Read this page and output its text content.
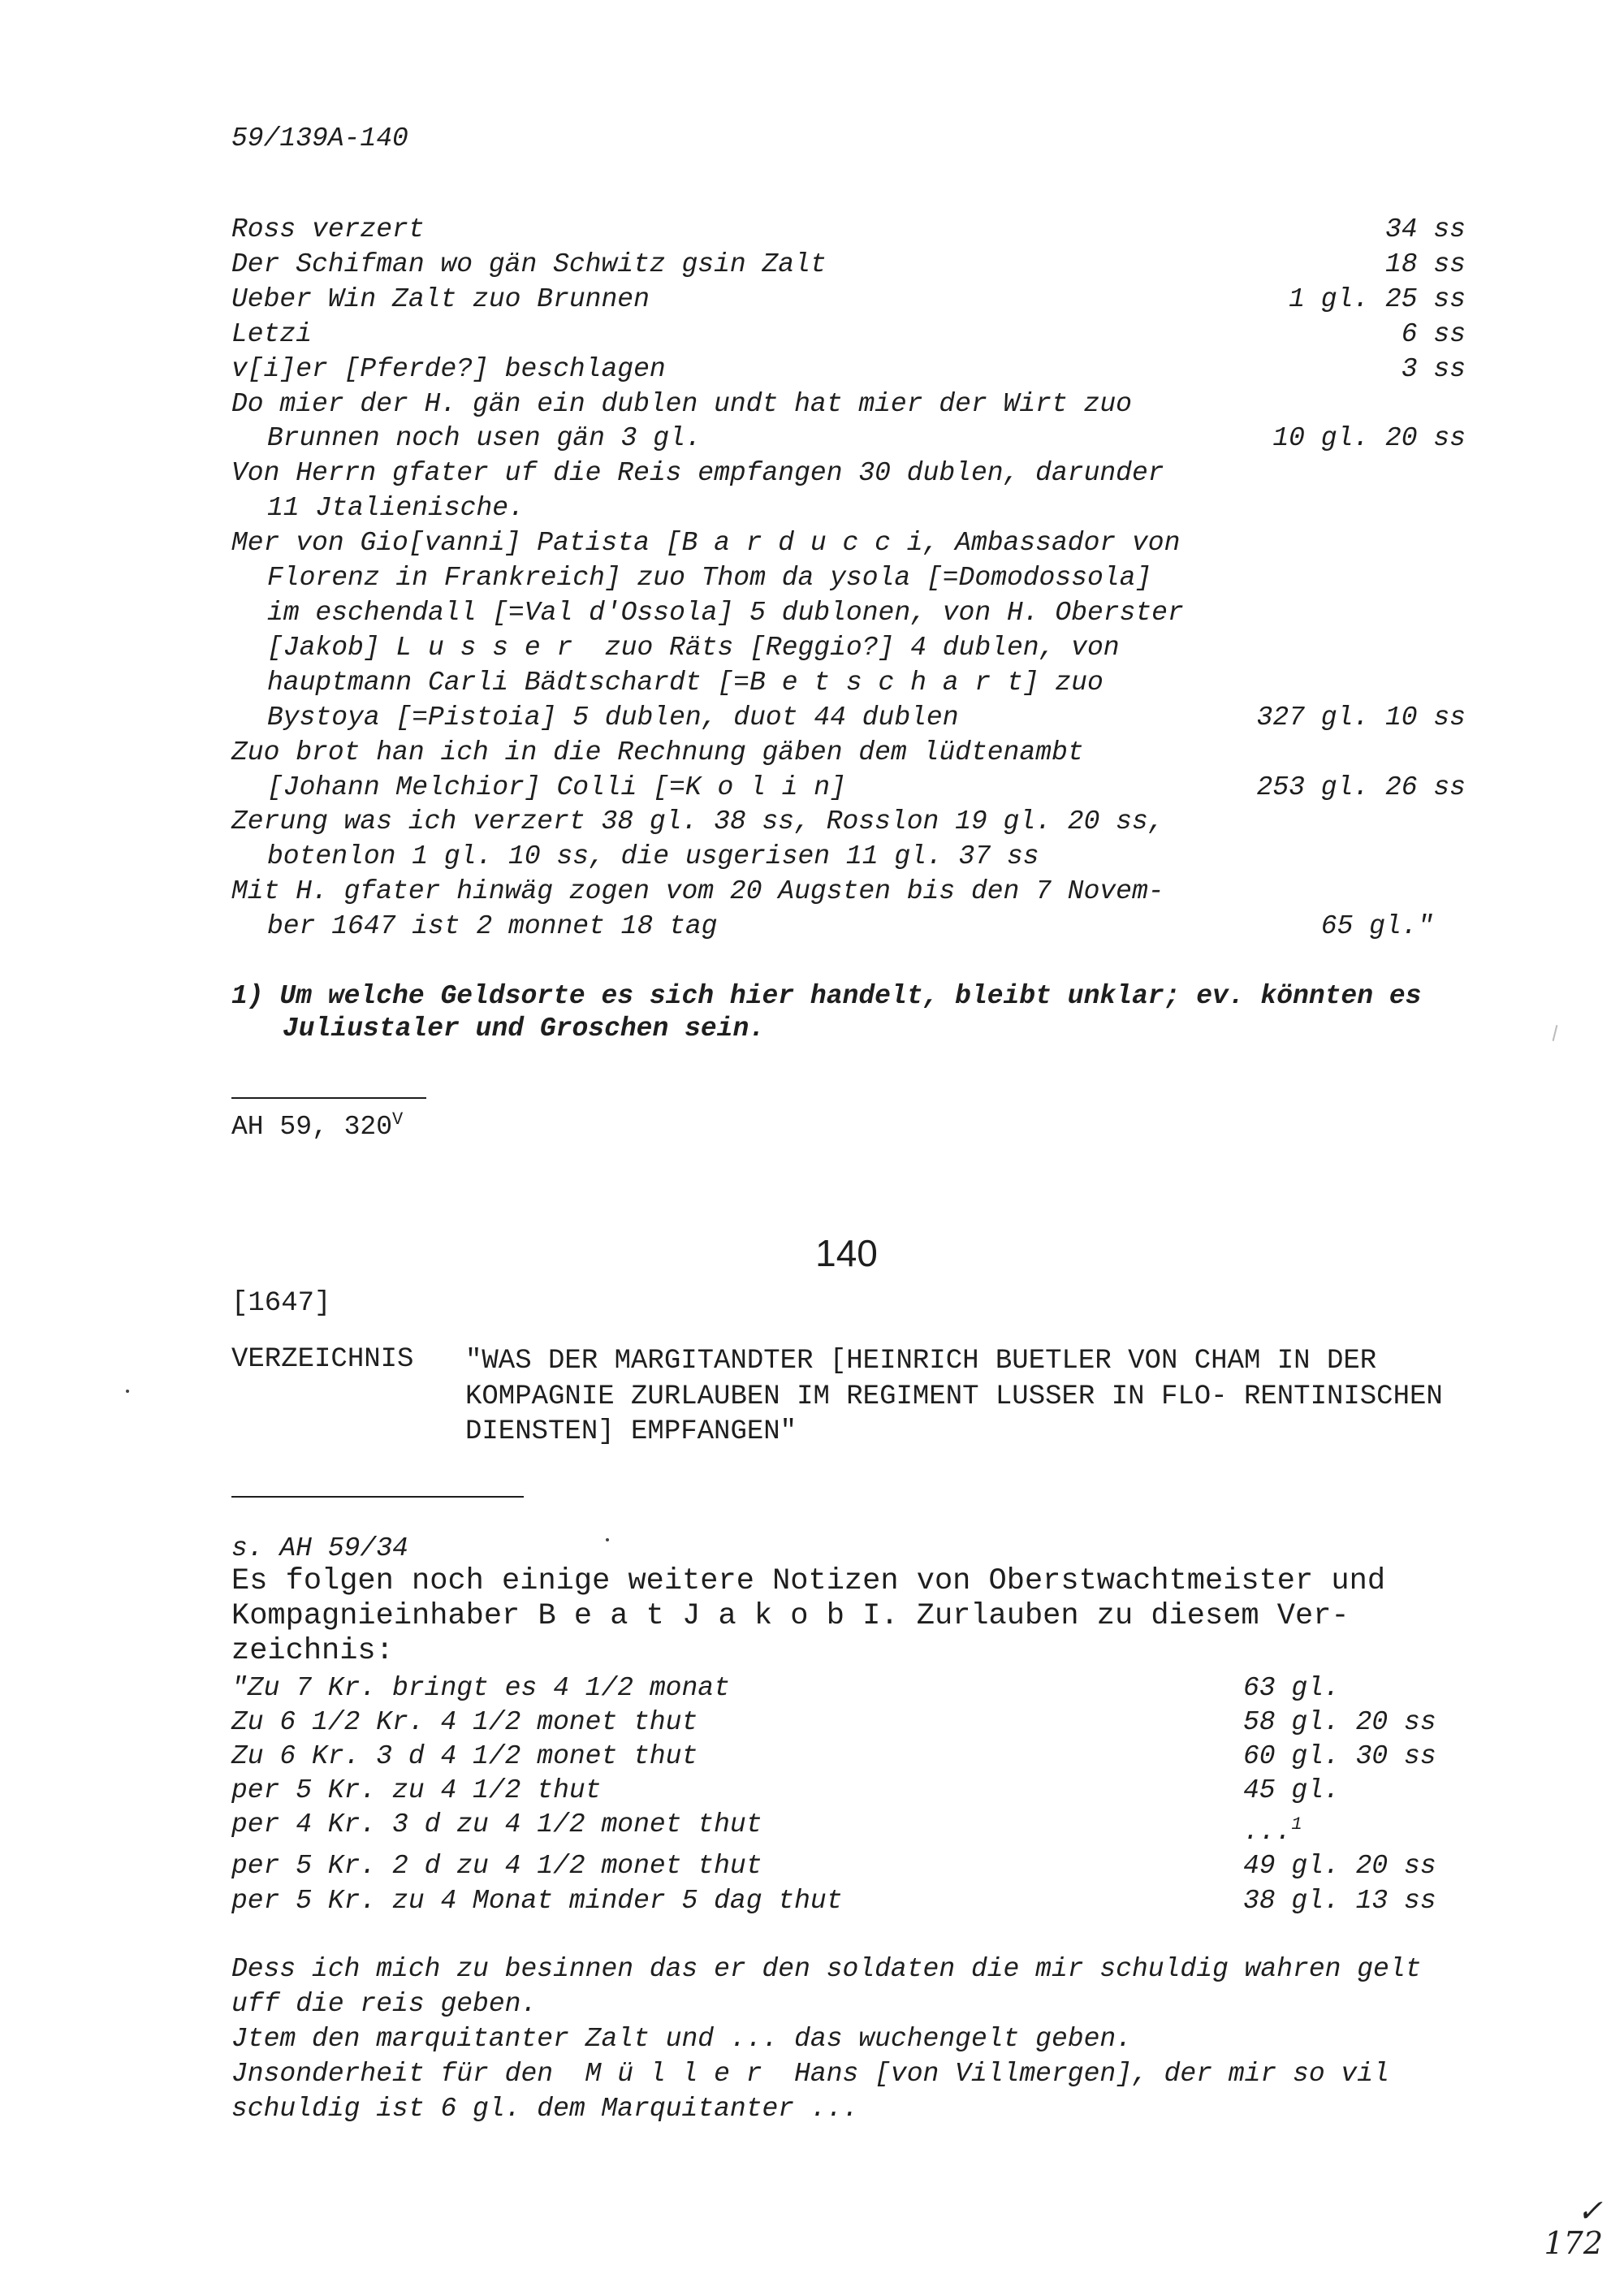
59/139A-140
Ross verzert	34 ss
Der Schifman wo gän Schwitz gsin Zalt	18 ss
Ueber Win Zalt zuo Brunnen	1 gl. 25 ss
Letzi	6 ss
v[i]er [Pferde?] beschlagen	3 ss
Do mier der H. gän ein dublen undt hat mier der Wirt zuo
Brunnen noch usen gän 3 gl.	10 gl. 20 ss
Von Herrn gfater uf die Reis empfangen 30 dublen, darunder
11 Jtalienische.
Mer von Gio[vanni] Patista [B a r d u c c i, Ambassador von
Florenz in Frankreich] zuo Thom da ysola [=Domodossola]
im eschendall [=Val d'Ossola] 5 dublonen, von H. Oberster
[Jakob] L u s s e r  zuo Räts [Reggio?] 4 dublen, von
hauptmann Carli Bädtschardt [=B e t s c h a r t] zuo
Bystoya [=Pistoia] 5 dublen, duot 44 dublen	327 gl. 10 ss
Zuo brot han ich in die Rechnung gäben dem lüdtenambt
[Johann Melchior] Colli [=K o l i n]	253 gl. 26 ss
Zerung was ich verzert 38 gl. 38 ss, Rosslon 19 gl. 20 ss,
botenlon 1 gl. 10 ss, die usgerisen 11 gl. 37 ss
Mit H. gfater hinwäg zogen vom 20 Augsten bis den 7 Novem-
ber 1647 ist 2 monnet 18 tag	65 gl."
1) Um welche Geldsorte es sich hier handelt, bleibt unklar; ev. könnten es
Juliustaler und Groschen sein.
AH 59, $320^V$
140
[1647]
VERZEICHNIS "WAS DER MARGITANDTER [HEINRICH BUETLER VON CHAM IN DER KOMPAGNIE ZURLAUBEN IM REGIMENT LUSSER IN FLO- RENTINISCHEN DIENSTEN] EMPFANGEN"
s. AH 59/34
Es folgen noch einige weitere Notizen von Oberstwachtmeister und Kompagnieinhaber B e a t J a k o b I. Zurlauben zu diesem Ver- zeichnis:
"Zu 7 Kr. bringt es 4 1/2 monat	63 gl.
Zu 6 1/2 Kr. 4 1/2 monet thut	58 gl. 20 ss
Zu 6 Kr. 3 d 4 1/2 monet thut	60 gl. 30 ss
per 5 Kr. zu 4 1/2 thut	45 gl.
per 4 Kr. 3 d zu 4 1/2 monet thut	...$^1$
per 5 Kr. 2 d zu 4 1/2 monet thut	49 gl. 20 ss
per 5 Kr. zu 4 Monat minder 5 dag thut	38 gl. 13 ss
Dess ich mich zu besinnen das er den soldaten die mir schuldig wahren gelt
uff die reis geben.
Jtem den marquitanter Zalt und ... das wuchengelt geben.
Jnsonderheit für den  M ü l l e r  Hans [von Villmergen], der mir so vil
schuldig ist 6 gl. dem Marquitanter ...
✓
172
